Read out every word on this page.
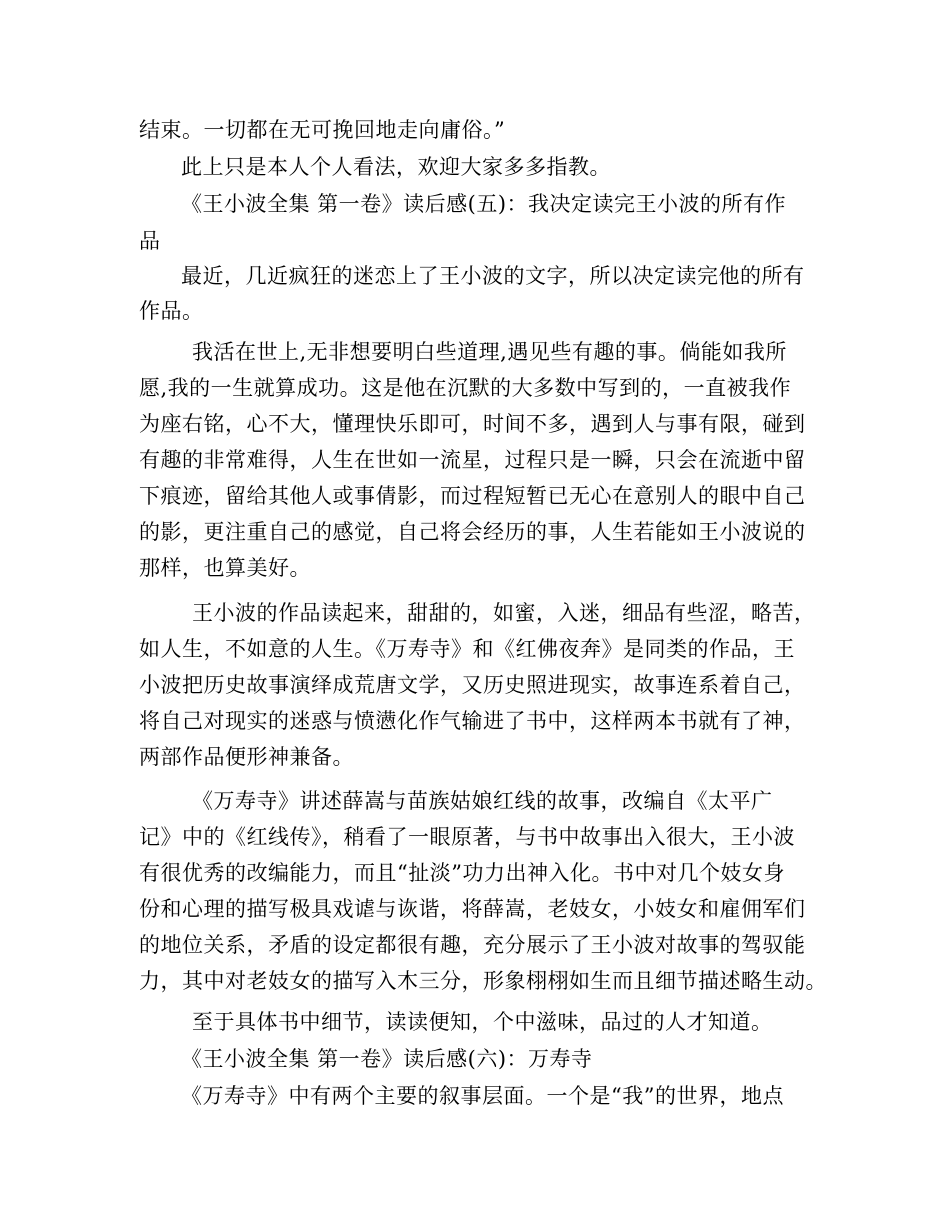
结束。一切都在无可挽回地走向庸俗。”
此上只是本人个人看法，欢迎大家多多指教。
《王小波全集 第一卷》读后感(五)：我决定读完王小波的所有作
品
最近，几近疯狂的迷恋上了王小波的文字，所以决定读完他的所有
作品。
我活在世上,无非想要明白些道理,遇见些有趣的事。倘能如我所
愿,我的一生就算成功。这是他在沉默的大多数中写到的，一直被我作
为座右铭，心不大，懂理快乐即可，时间不多，遇到人与事有限，碰到
有趣的非常难得，人生在世如一流星，过程只是一瞬，只会在流逝中留
下痕迹，留给其他人或事倩影，而过程短暂已无心在意别人的眼中自己
的影，更注重自己的感觉，自己将会经历的事，人生若能如王小波说的
那样，也算美好。
王小波的作品读起来，甜甜的，如蜜，入迷，细品有些涩，略苦，
如人生，不如意的人生。《万寿寺》和《红佛夜奔》是同类的作品，王
小波把历史故事演绎成荒唐文学，又历史照进现实，故事连系着自己，
将自己对现实的迷惑与愤懑化作气输进了书中，这样两本书就有了神，
两部作品便形神兼备。
《万寿寺》讲述薛嵩与苗族姑娘红线的故事，改编自《太平广
记》中的《红线传》，稍看了一眼原著，与书中故事出入很大，王小波
有很优秀的改编能力，而且“扯淡”功力出神入化。书中对几个妓女身
份和心理的描写极具戏谑与诙谐，将薛嵩，老妓女，小妓女和雇佣军们
的地位关系，矛盾的设定都很有趣，充分展示了王小波对故事的驾驭能
力，其中对老妓女的描写入木三分，形象栩栩如生而且细节描述略生动。
至于具体书中细节，读读便知，个中滋味，品过的人才知道。
《王小波全集 第一卷》读后感(六)：万寿寺
《万寿寺》中有两个主要的叙事层面。一个是“我”的世界，地点
